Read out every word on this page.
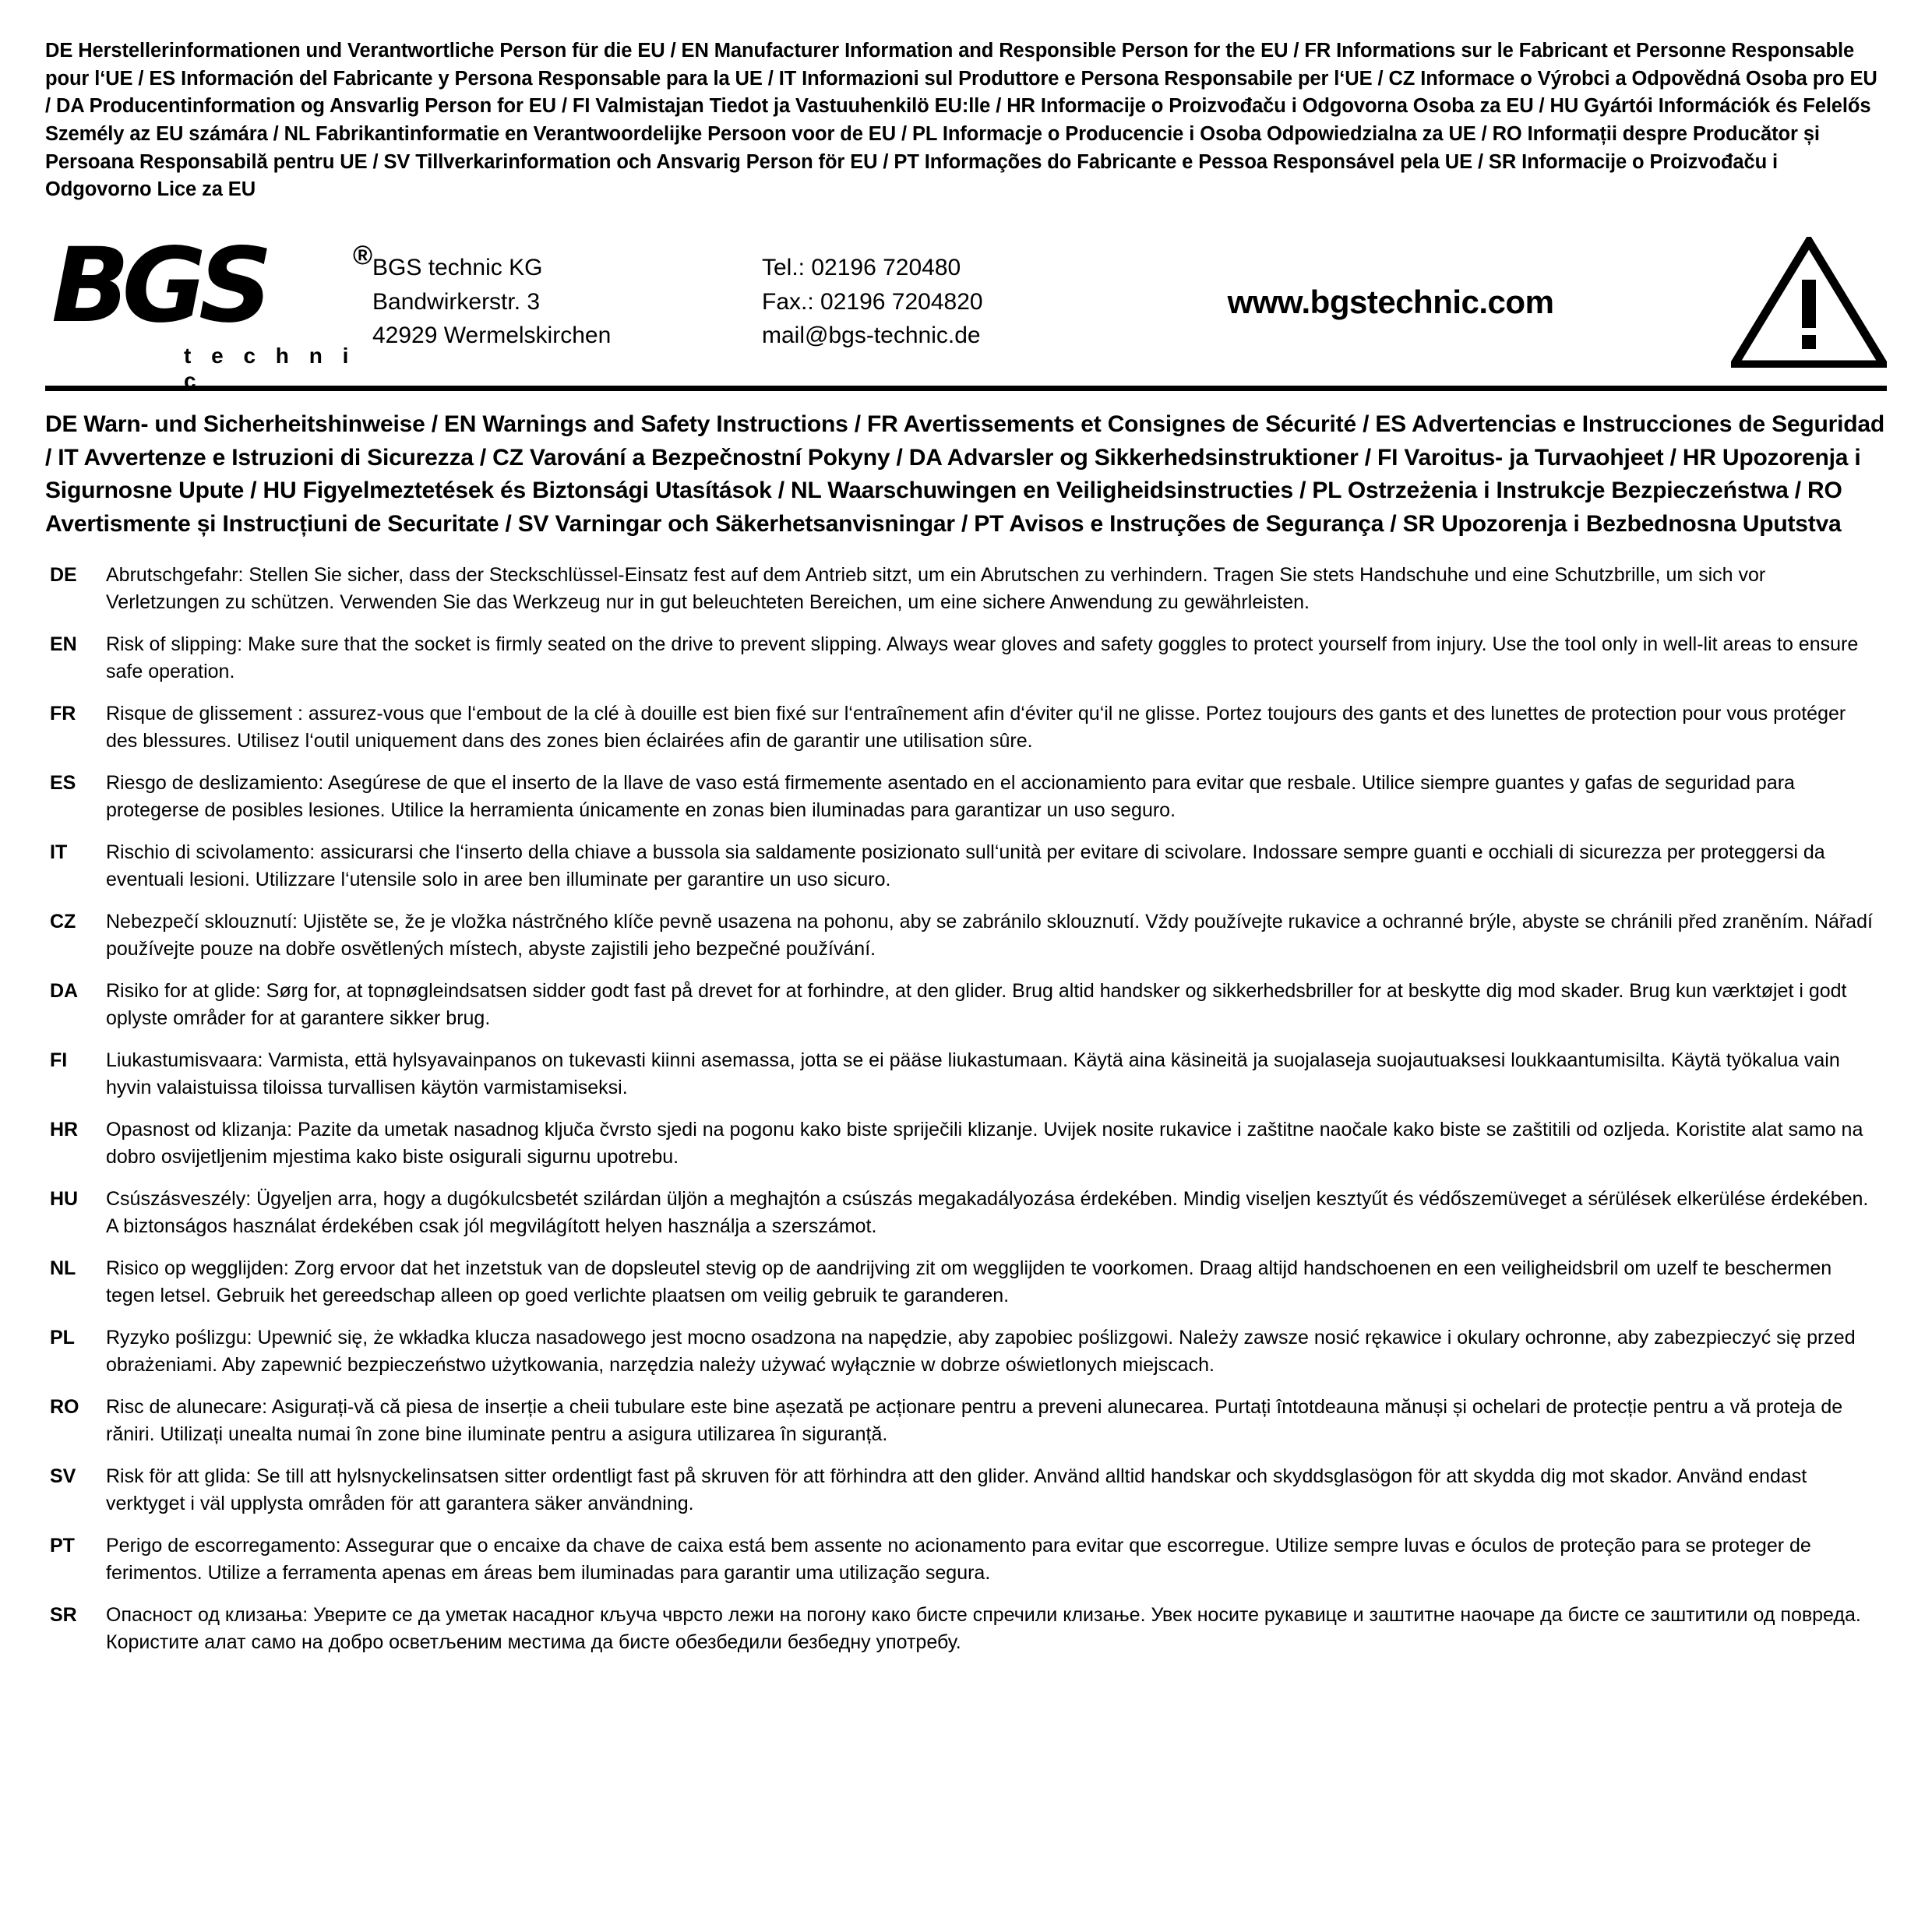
DE Herstellerinformationen und Verantwortliche Person für die EU / EN Manufacturer Information and Responsible Person for the EU / FR Informations sur le Fabricant et Personne Responsable pour l‘UE / ES Información del Fabricante y Persona Responsable para la UE / IT Informazioni sul Produttore e Persona Responsabile per l‘UE / CZ Informace o Výrobci a Odpovědná Osoba pro EU / DA Producentinformation og Ansvarlig Person for EU / FI Valmistajan Tiedot ja Vastuuhenkilö EU:lle / HR Informacije o Proizvođaču i Odgovorna Osoba za EU / HU Gyártói Információk és Felelős Személy az EU számára / NL Fabrikantinformatie en Verantwoordelijke Persoon voor de EU / PL Informacje o Producencie i Osoba Odpowiedzialna za UE / RO Informații despre Producător și Persoana Responsabilă pentru UE / SV Tillverkarinformation och Ansvarig Person för EU / PT Informações do Fabricante e Pessoa Responsável pela UE / SR Informacije o Proizvođaču i Odgovorno Lice za EU
BGS	®
t e c h n i c
BGS technic KG
Bandwirkerstr. 3
42929 Wermelskirchen
Tel.: 02196 720480
Fax.: 02196 7204820
mail@bgs-technic.de
www.bgstechnic.com
DE Warn- und Sicherheitshinweise / EN Warnings and Safety Instructions / FR Avertissements et Consignes de Sécurité / ES Advertencias e Instrucciones de Seguridad / IT Avvertenze e Istruzioni di Sicurezza / CZ Varování a Bezpečnostní Pokyny / DA Advarsler og Sikkerhedsinstruktioner / FI Varoitus- ja Turvaohjeet / HR Upozorenja i Sigurnosne Upute / HU Figyelmeztetések és Biztonsági Utasítások / NL Waarschuwingen en Veiligheidsinstructies / PL Ostrzeżenia i Instrukcje Bezpieczeństwa / RO Avertismente și Instrucțiuni de Securitate / SV Varningar och Säkerhetsanvisningar / PT Avisos e Instruções de Segurança / SR Upozorenja i Bezbednosna Uputstva
DE	Abrutschgefahr: Stellen Sie sicher, dass der Steckschlüssel-Einsatz fest auf dem Antrieb sitzt, um ein Abrutschen zu verhindern. Tragen Sie stets Handschuhe und eine Schutzbrille, um sich vor Verletzungen zu schützen. Verwenden Sie das Werkzeug nur in gut beleuchteten Bereichen, um eine sichere Anwendung zu gewährleisten.
EN	Risk of slipping: Make sure that the socket is firmly seated on the drive to prevent slipping. Always wear gloves and safety goggles to protect yourself from injury. Use the tool only in well-lit areas to ensure safe operation.
FR	Risque de glissement : assurez-vous que l‘embout de la clé à douille est bien fixé sur l‘entraînement afin d‘éviter qu‘il ne glisse. Portez toujours des gants et des lunettes de protection pour vous protéger des blessures. Utilisez l‘outil uniquement dans des zones bien éclairées afin de garantir une utilisation sûre.
ES	Riesgo de deslizamiento: Asegúrese de que el inserto de la llave de vaso está firmemente asentado en el accionamiento para evitar que resbale. Utilice siempre guantes y gafas de seguridad para protegerse de posibles lesiones. Utilice la herramienta únicamente en zonas bien iluminadas para garantizar un uso seguro.
IT	Rischio di scivolamento: assicurarsi che l‘inserto della chiave a bussola sia saldamente posizionato sull‘unità per evitare di scivolare. Indossare sempre guanti e occhiali di sicurezza per proteggersi da eventuali lesioni. Utilizzare l‘utensile solo in aree ben illuminate per garantire un uso sicuro.
CZ	Nebezpečí sklouznutí: Ujistěte se, že je vložka nástrčného klíče pevně usazena na pohonu, aby se zabránilo sklouznutí. Vždy používejte rukavice a ochranné brýle, abyste se chránili před zraněním. Nářadí používejte pouze na dobře osvětlených místech, abyste zajistili jeho bezpečné používání.
DA	Risiko for at glide: Sørg for, at topnøgleindsatsen sidder godt fast på drevet for at forhindre, at den glider. Brug altid handsker og sikkerhedsbriller for at beskytte dig mod skader. Brug kun værktøjet i godt oplyste områder for at garantere sikker brug.
FI	Liukastumisvaara: Varmista, että hylsyavainpanos on tukevasti kiinni asemassa, jotta se ei pääse liukastumaan. Käytä aina käsineitä ja suojalaseja suojautuaksesi loukkaantumisilta. Käytä työkalua vain hyvin valaistuissa tiloissa turvallisen käytön varmistamiseksi.
HR	Opasnost od klizanja: Pazite da umetak nasadnog ključa čvrsto sjedi na pogonu kako biste spriječili klizanje. Uvijek nosite rukavice i zaštitne naočale kako biste se zaštitili od ozljeda. Koristite alat samo na dobro osvijetljenim mjestima kako biste osigurali sigurnu upotrebu.
HU	Csúszásveszély: Ügyeljen arra, hogy a dugókulcsbetét szilárdan üljön a meghajtón a csúszás megakadályozása érdekében. Mindig viseljen kesztyűt és védőszemüveget a sérülések elkerülése érdekében. A biztonságos használat érdekében csak jól megvilágított helyen használja a szerszámot.
NL	Risico op wegglijden: Zorg ervoor dat het inzetstuk van de dopsleutel stevig op de aandrijving zit om wegglijden te voorkomen. Draag altijd handschoenen en een veiligheidsbril om uzelf te beschermen tegen letsel. Gebruik het gereedschap alleen op goed verlichte plaatsen om veilig gebruik te garanderen.
PL	Ryzyko poślizgu: Upewnić się, że wkładka klucza nasadowego jest mocno osadzona na napędzie, aby zapobiec poślizgowi. Należy zawsze nosić rękawice i okulary ochronne, aby zabezpieczyć się przed obrażeniami. Aby zapewnić bezpieczeństwo użytkowania, narzędzia należy używać wyłącznie w dobrze oświetlonych miejscach.
RO	Risc de alunecare: Asigurați-vă că piesa de inserție a cheii tubulare este bine așezată pe acționare pentru a preveni alunecarea. Purtați întotdeauna mănuși și ochelari de protecție pentru a vă proteja de răniri. Utilizați unealta numai în zone bine iluminate pentru a asigura utilizarea în siguranță.
SV	Risk för att glida: Se till att hylsnyckelinsatsen sitter ordentligt fast på skruven för att förhindra att den glider. Använd alltid handskar och skyddsglasögon för att skydda dig mot skador. Använd endast verktyget i väl upplysta områden för att garantera säker användning.
PT	Perigo de escorregamento: Assegurar que o encaixe da chave de caixa está bem assente no acionamento para evitar que escorregue. Utilize sempre luvas e óculos de proteção para se proteger de ferimentos. Utilize a ferramenta apenas em áreas bem iluminadas para garantir uma utilização segura.
SR	Опасност од клизања: Уверите се да уметак насадног кључа чврсто лежи на погону како бисте спречили клизање. Увек носите рукавице и заштитне наочаре да бисте се заштитили од повреда. Користите алат само на добро осветљеним местима да бисте обезбедили безбедну употребу.
